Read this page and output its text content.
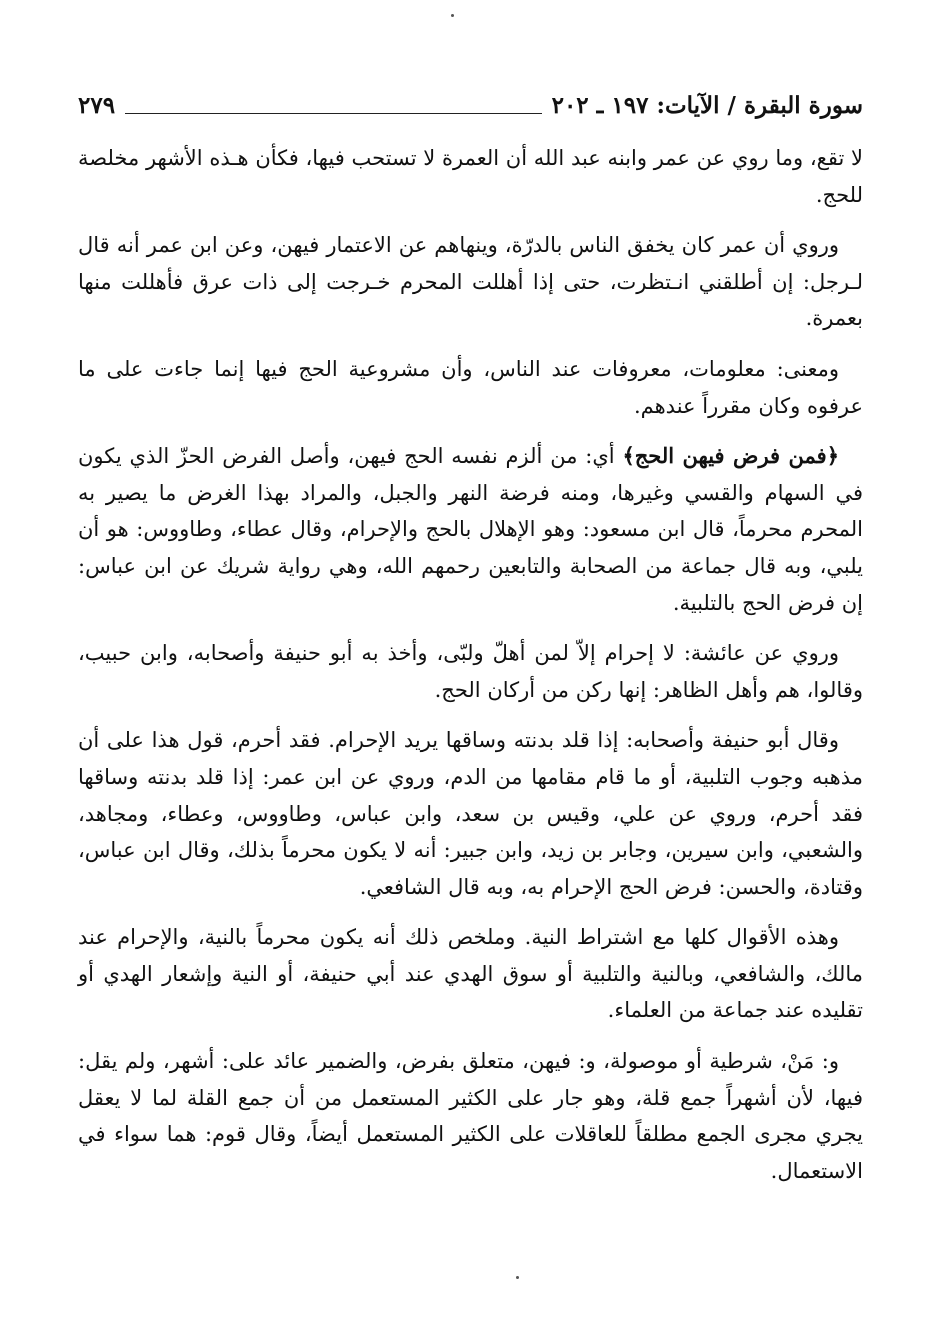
سورة البقرة / الآيات: ١٩٧ ـ ٢٠٢
٢٧٩

لا تقع، وما روي عن عمر وابنه عبد الله أن العمرة لا تستحب فيها، فكأن هـذه الأشهر مخلصة للحج.

وروي أن عمر كان يخفق الناس بالدرّة، وينهاهم عن الاعتمار فيهن، وعن ابن عمر أنه قال لـرجل: إن أطلقني انـتظرت، حتى إذا أهللت المحرم خـرجت إلى ذات عرق فأهللت منها بعمرة.

ومعنى: معلومات، معروفات عند الناس، وأن مشروعية الحج فيها إنما جاءت على ما عرفوه وكان مقرراً عندهم.

﴿فمن فرض فيهن الحج﴾ أي: من ألزم نفسه الحج فيهن، وأصل الفرض الحزّ الذي يكون في السهام والقسي وغيرها، ومنه فرضة النهر والجبل، والمراد بهذا الغرض ما يصير به المحرم محرماً، قال ابن مسعود: وهو الإهلال بالحج والإحرام، وقال عطاء، وطاووس: هو أن يلبي، وبه قال جماعة من الصحابة والتابعين رحمهم الله، وهي رواية شريك عن ابن عباس: إن فرض الحج بالتلبية.

وروي عن عائشة: لا إحرام إلاّ لمن أهلّ ولبّى، وأخذ به أبو حنيفة وأصحابه، وابن حبيب، وقالوا، هم وأهل الظاهر: إنها ركن من أركان الحج.

وقال أبو حنيفة وأصحابه: إذا قلد بدنته وساقها يريد الإحرام. فقد أحرم، قول هذا على أن مذهبه وجوب التلبية، أو ما قام مقامها من الدم، وروي عن ابن عمر: إذا قلد بدنته وساقها فقد أحرم، وروي عن علي، وقيس بن سعد، وابن عباس، وطاووس، وعطاء، ومجاهد، والشعبي، وابن سيرين، وجابر بن زيد، وابن جبير: أنه لا يكون محرماً بذلك، وقال ابن عباس، وقتادة، والحسن: فرض الحج الإحرام به، وبه قال الشافعي.

وهذه الأقوال كلها مع اشتراط النية. وملخص ذلك أنه يكون محرماً بالنية، والإحرام عند مالك، والشافعي، وبالنية والتلبية أو سوق الهدي عند أبي حنيفة، أو النية وإشعار الهدي أو تقليده عند جماعة من العلماء.

و: مَنْ، شرطية أو موصولة، و: فيهن، متعلق بفرض، والضمير عائد على: أشهر، ولم يقل: فيها، لأن أشهراً جمع قلة، وهو جار على الكثير المستعمل من أن جمع القلة لما لا يعقل يجري مجرى الجمع مطلقاً للعاقلات على الكثير المستعمل أيضاً، وقال قوم: هما سواء في الاستعمال.
